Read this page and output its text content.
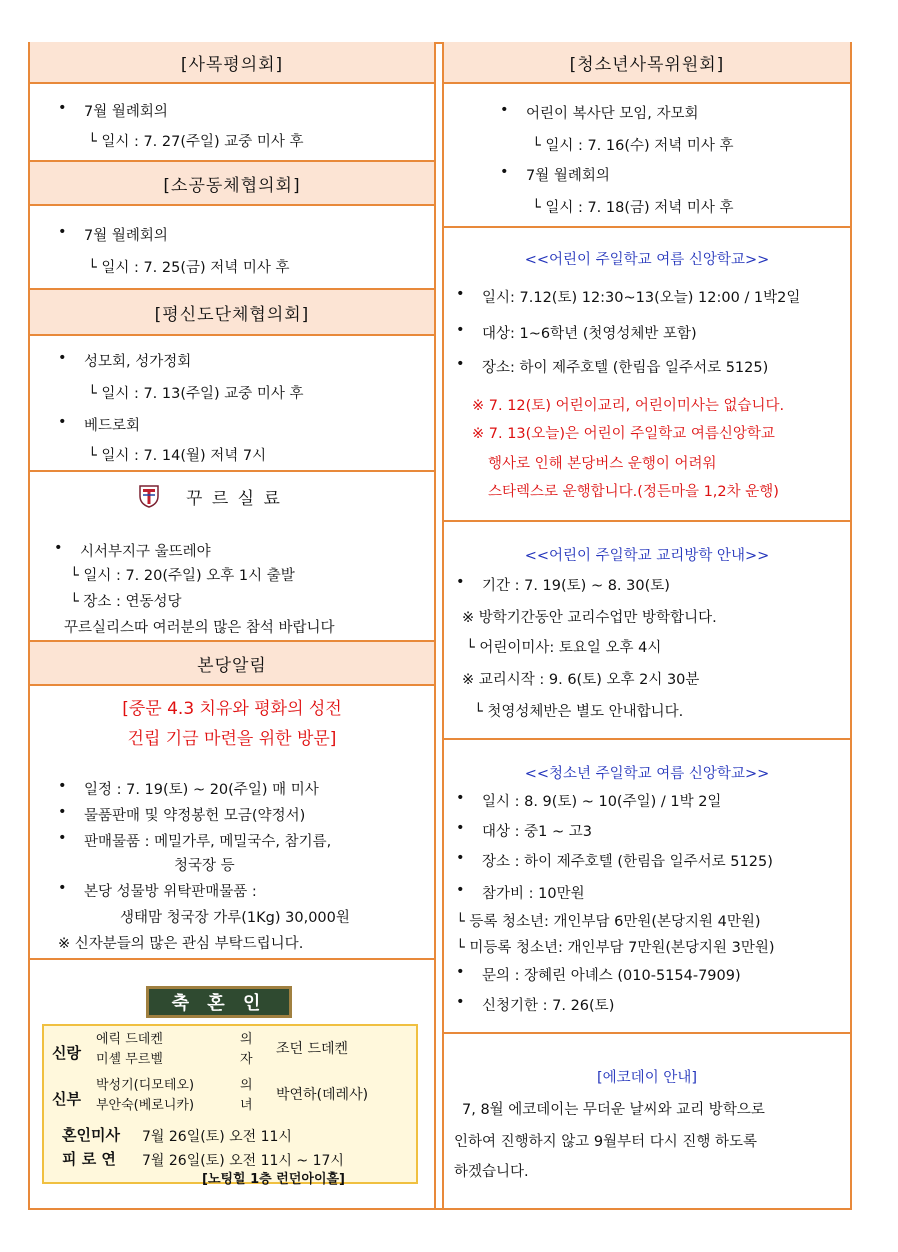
[사목평의회]
• 7월 월례회의
└ 일시 : 7. 27(주일) 교중 미사 후
[소공동체협의회]
• 7월 월례회의
└ 일시 : 7. 25(금) 저녁 미사 후
[평신도단체협의회]
• 성모회, 성가정회
└ 일시 : 7. 13(주일) 교중 미사 후
• 베드로회
└ 일시 : 7. 14(월) 저녁 7시
꾸 르 실 료
• 시서부지구 울뜨레야
└ 일시 : 7. 20(주일) 오후 1시 출발
└ 장소 : 연동성당
꾸르실리스따 여러분의 많은 참석 바랍니다
본당알림
[중문 4.3 치유와 평화의 성전
건립 기금 마련을 위한 방문]
• 일정 : 7. 19(토) ~ 20(주일) 매 미사
• 물품판매 및 약정봉헌 모금(약정서)
• 판매물품 : 메밀가루, 메밀국수, 참기름,
청국장 등
• 본당 성물방 위탁판매물품 :
생태맘 청국장 가루(1Kg) 30,000원
※ 신자분들의 많은 관심 부탁드립니다.
축 혼 인
신랑
에릭 드데켄
미셸 무르벨
의
자
조던 드데켄
신부
박성기(디모테오)
부안숙(베로니카)
의
녀
박연하(데레사)
혼인미사 7월 26일(토) 오전 11시
피 로 연 7월 26일(토) 오전 11시 ~ 17시
[노팅힐 1층 런던아이홀]
[청소년사목위원회]
• 어린이 복사단 모임, 자모회
└ 일시 : 7. 16(수) 저녁 미사 후
• 7월 월례회의
└ 일시 : 7. 18(금) 저녁 미사 후
<<어린이 주일학교 여름 신앙학교>>
• 일시: 7.12(토) 12:30~13(오늘) 12:00 / 1박2일
• 대상: 1~6학년 (첫영성체반 포함)
• 장소: 하이 제주호텔 (한림읍 일주서로 5125)
※ 7. 12(토) 어린이교리, 어린이미사는 없습니다.
※ 7. 13(오늘)은 어린이 주일학교 여름신앙학교
행사로 인해 본당버스 운행이 어려워
스타렉스로 운행합니다.(정든마을 1,2차 운행)
<<어린이 주일학교 교리방학 안내>>
• 기간 : 7. 19(토) ~ 8. 30(토)
※ 방학기간동안 교리수업만 방학합니다.
└ 어린이미사: 토요일 오후 4시
※ 교리시작 : 9. 6(토) 오후 2시 30분
└ 첫영성체반은 별도 안내합니다.
<<청소년 주일학교 여름 신앙학교>>
• 일시 : 8. 9(토) ~ 10(주일) / 1박 2일
• 대상 : 중1 ~ 고3
• 장소 : 하이 제주호텔 (한림읍 일주서로 5125)
• 참가비 : 10만원
└ 등록 청소년: 개인부담 6만원(본당지원 4만원)
└ 미등록 청소년: 개인부담 7만원(본당지원 3만원)
• 문의 : 장혜린 아녜스 (010-5154-7909)
• 신청기한 : 7. 26(토)
[에코데이 안내]
7, 8월 에코데이는 무더운 날씨와 교리 방학으로
인하여 진행하지 않고 9월부터 다시 진행 하도록
하겠습니다.
